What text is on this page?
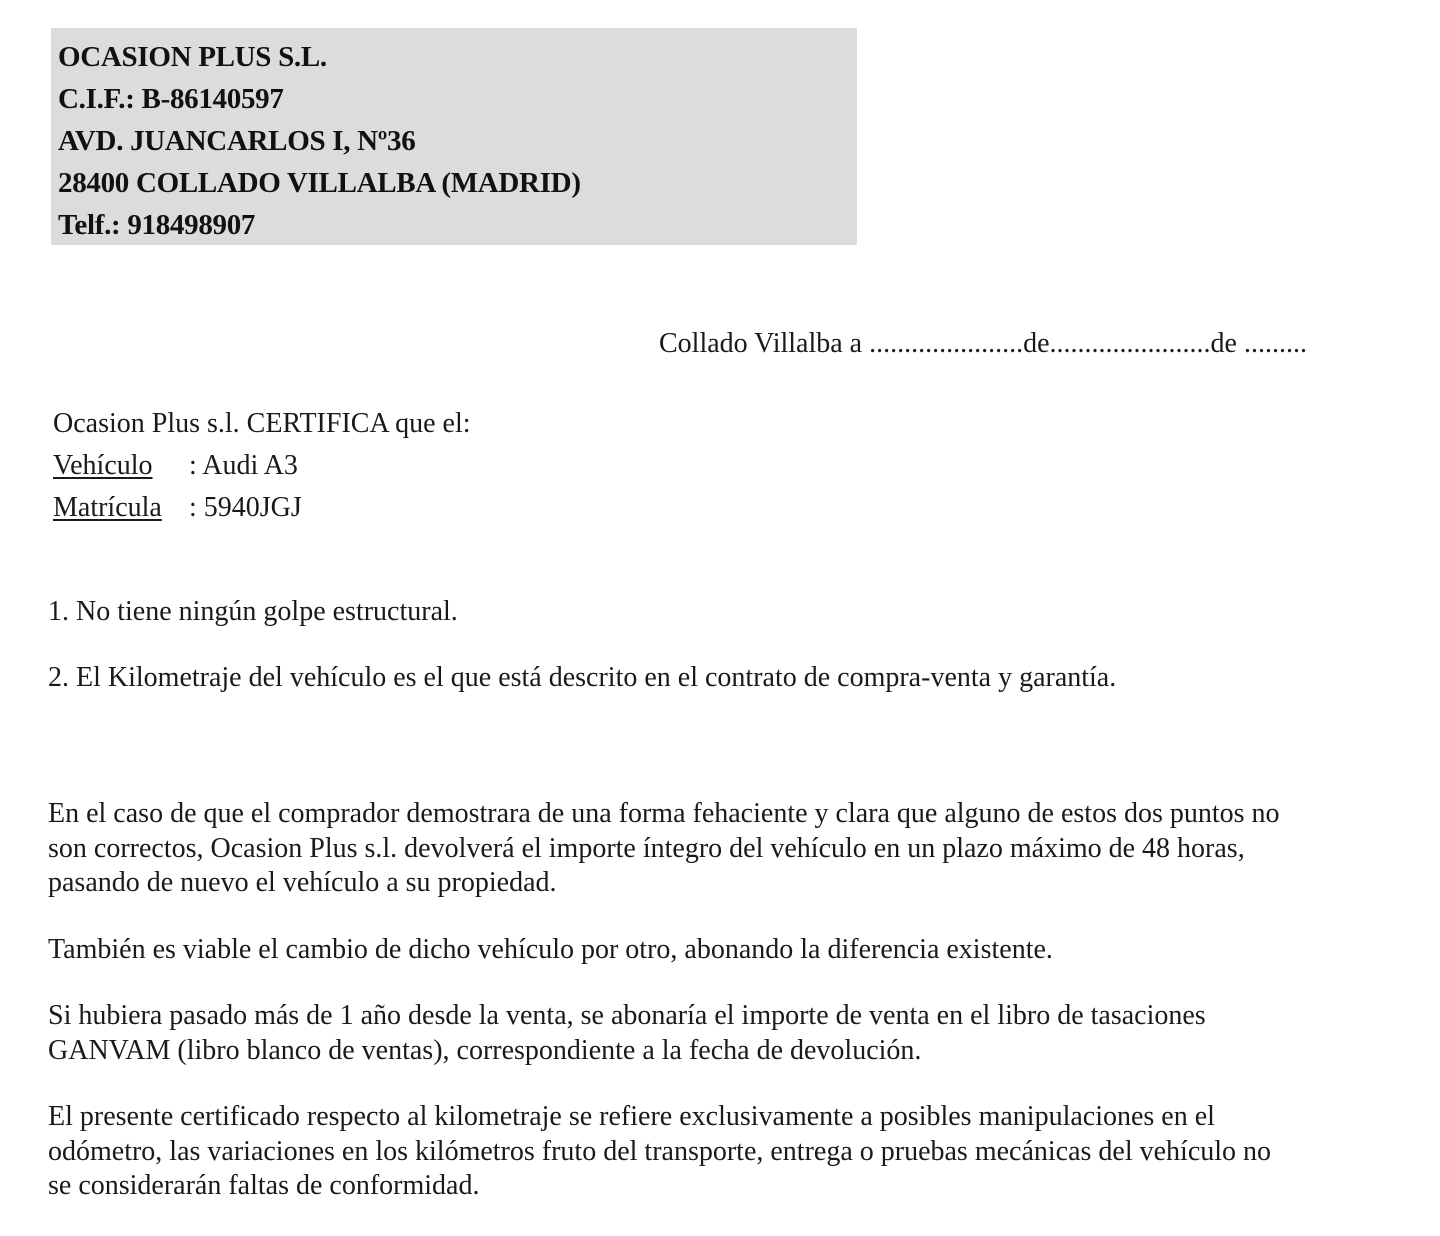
OCASION PLUS S.L.
C.I.F.: B-86140597
AVD. JUANCARLOS I, Nº36
28400 COLLADO VILLALBA (MADRID)
Telf.: 918498907
Collado Villalba a ......................de.......................de .........
Ocasion Plus s.l. CERTIFICA que el:
Vehículo	: Audi A3
Matrícula : 5940JGJ
1. No tiene ningún golpe estructural.
2. El Kilometraje del vehículo es el que está descrito en el contrato de compra-venta y garantía.
En el caso de que el comprador demostrara de una forma fehaciente y clara que alguno de estos dos puntos no
son correctos, Ocasion Plus s.l. devolverá el importe íntegro del vehículo en un plazo máximo de 48 horas,
pasando de nuevo el vehículo a su propiedad.
También es viable el cambio de dicho vehículo por otro, abonando la diferencia existente.
Si hubiera pasado más de 1 año desde la venta, se abonaría el importe de venta en el libro de tasaciones
GANVAM (libro blanco de ventas), correspondiente a la fecha de devolución.
El presente certificado respecto al kilometraje se refiere exclusivamente a posibles manipulaciones en el
odómetro, las variaciones en los kilómetros fruto del transporte, entrega o pruebas mecánicas del vehículo no
se considerarán faltas de conformidad.
